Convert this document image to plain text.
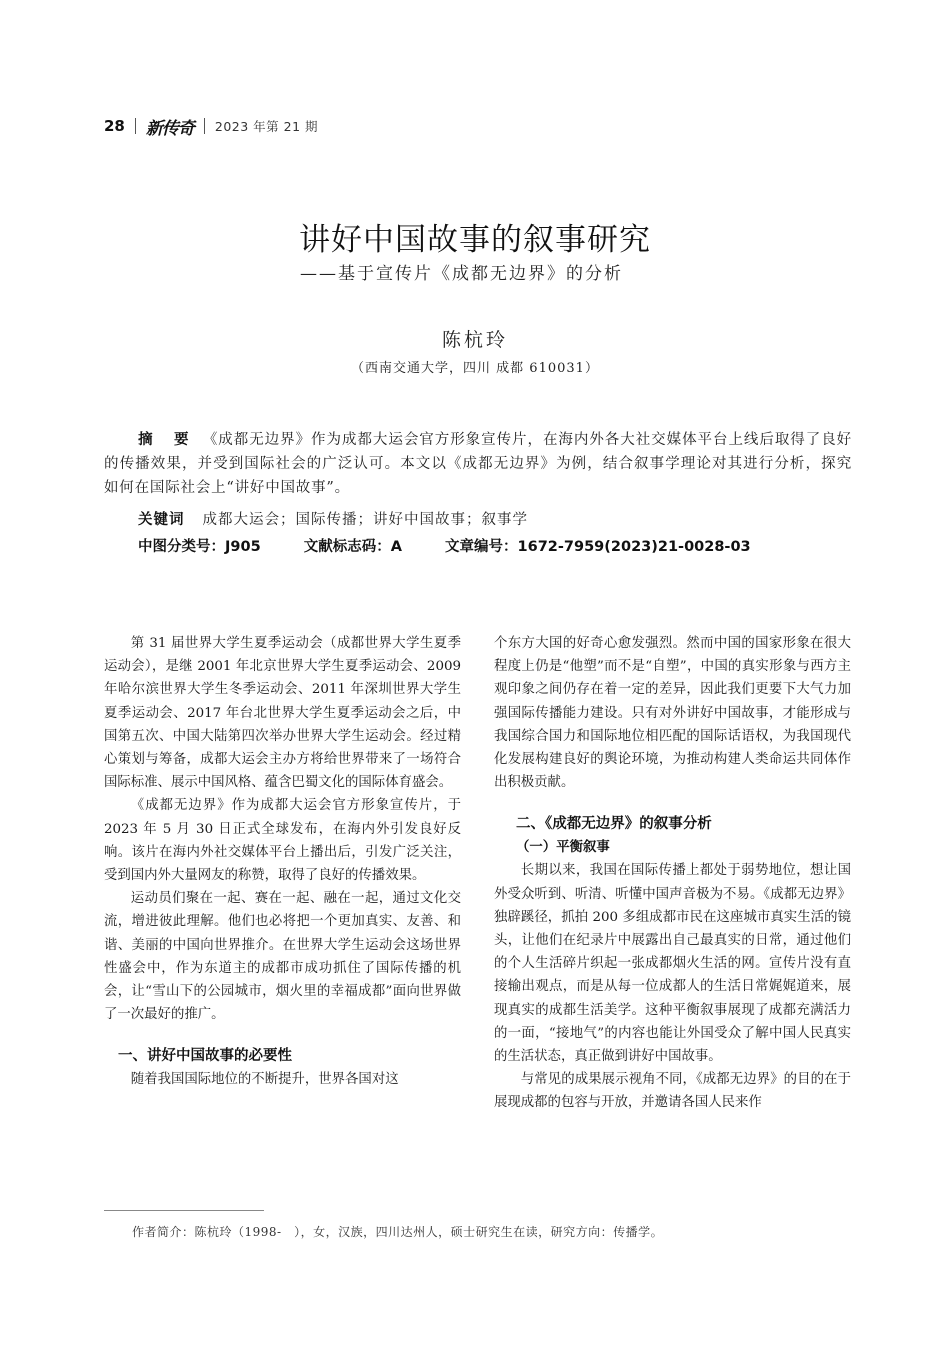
28 新传奇 2023 年第 21 期
讲好中国故事的叙事研究
——基于宣传片《成都无边界》的分析
陈杭玲
（西南交通大学，四川 成都 610031）
摘 要 《成都无边界》作为成都大运会官方形象宣传片，在海内外各大社交媒体平台上线后取得了良好的传播效果，并受到国际社会的广泛认可。本文以《成都无边界》为例，结合叙事学理论对其进行分析，探究如何在国际社会上“讲好中国故事”。
关键词 成都大运会；国际传播；讲好中国故事；叙事学
中图分类号：J905	文献标志码：A	文章编号：1672-7959(2023)21-0028-03

第 31 届世界大学生夏季运动会（成都世界大学生夏季运动会），是继 2001 年北京世界大学生夏季运动会、2009 年哈尔滨世界大学生冬季运动会、2011 年深圳世界大学生夏季运动会、2017 年台北世界大学生夏季运动会之后，中国第五次、中国大陆第四次举办世界大学生运动会。经过精心策划与筹备，成都大运会主办方将给世界带来了一场符合国际标准、展示中国风格、蕴含巴蜀文化的国际体育盛会。

《成都无边界》作为成都大运会官方形象宣传片，于 2023 年 5 月 30 日正式全球发布，在海内外引发良好反响。该片在海内外社交媒体平台上播出后，引发广泛关注，受到国内外大量网友的称赞，取得了良好的传播效果。

运动员们聚在一起、赛在一起、融在一起，通过文化交流，增进彼此理解。他们也必将把一个更加真实、友善、和谐、美丽的中国向世界推介。在世界大学生运动会这场世界性盛会中，作为东道主的成都市成功抓住了国际传播的机会，让“雪山下的公园城市，烟火里的幸福成都”面向世界做了一次最好的推广。

一、讲好中国故事的必要性

随着我国国际地位的不断提升，世界各国对这

个东方大国的好奇心愈发强烈。然而中国的国家形象在很大程度上仍是“他塑”而不是“自塑”，中国的真实形象与西方主观印象之间仍存在着一定的差异，因此我们更要下大气力加强国际传播能力建设。只有对外讲好中国故事，才能形成与我国综合国力和国际地位相匹配的国际话语权，为我国现代化发展构建良好的舆论环境，为推动构建人类命运共同体作出积极贡献。

二、《成都无边界》的叙事分析
（一）平衡叙事

长期以来，我国在国际传播上都处于弱势地位，想让国外受众听到、听清、听懂中国声音极为不易。《成都无边界》独辟蹊径，抓拍 200 多组成都市民在这座城市真实生活的镜头，让他们在纪录片中展露出自己最真实的日常，通过他们的个人生活碎片织起一张成都烟火生活的网。宣传片没有直接输出观点，而是从每一位成都人的生活日常娓娓道来，展现真实的成都生活美学。这种平衡叙事展现了成都充满活力的一面，“接地气”的内容也能让外国受众了解中国人民真实的生活状态，真正做到讲好中国故事。

与常见的成果展示视角不同，《成都无边界》的目的在于展现成都的包容与开放，并邀请各国人民来作

作者简介：陈杭玲（1998-　），女，汉族，四川达州人，硕士研究生在读，研究方向：传播学。
